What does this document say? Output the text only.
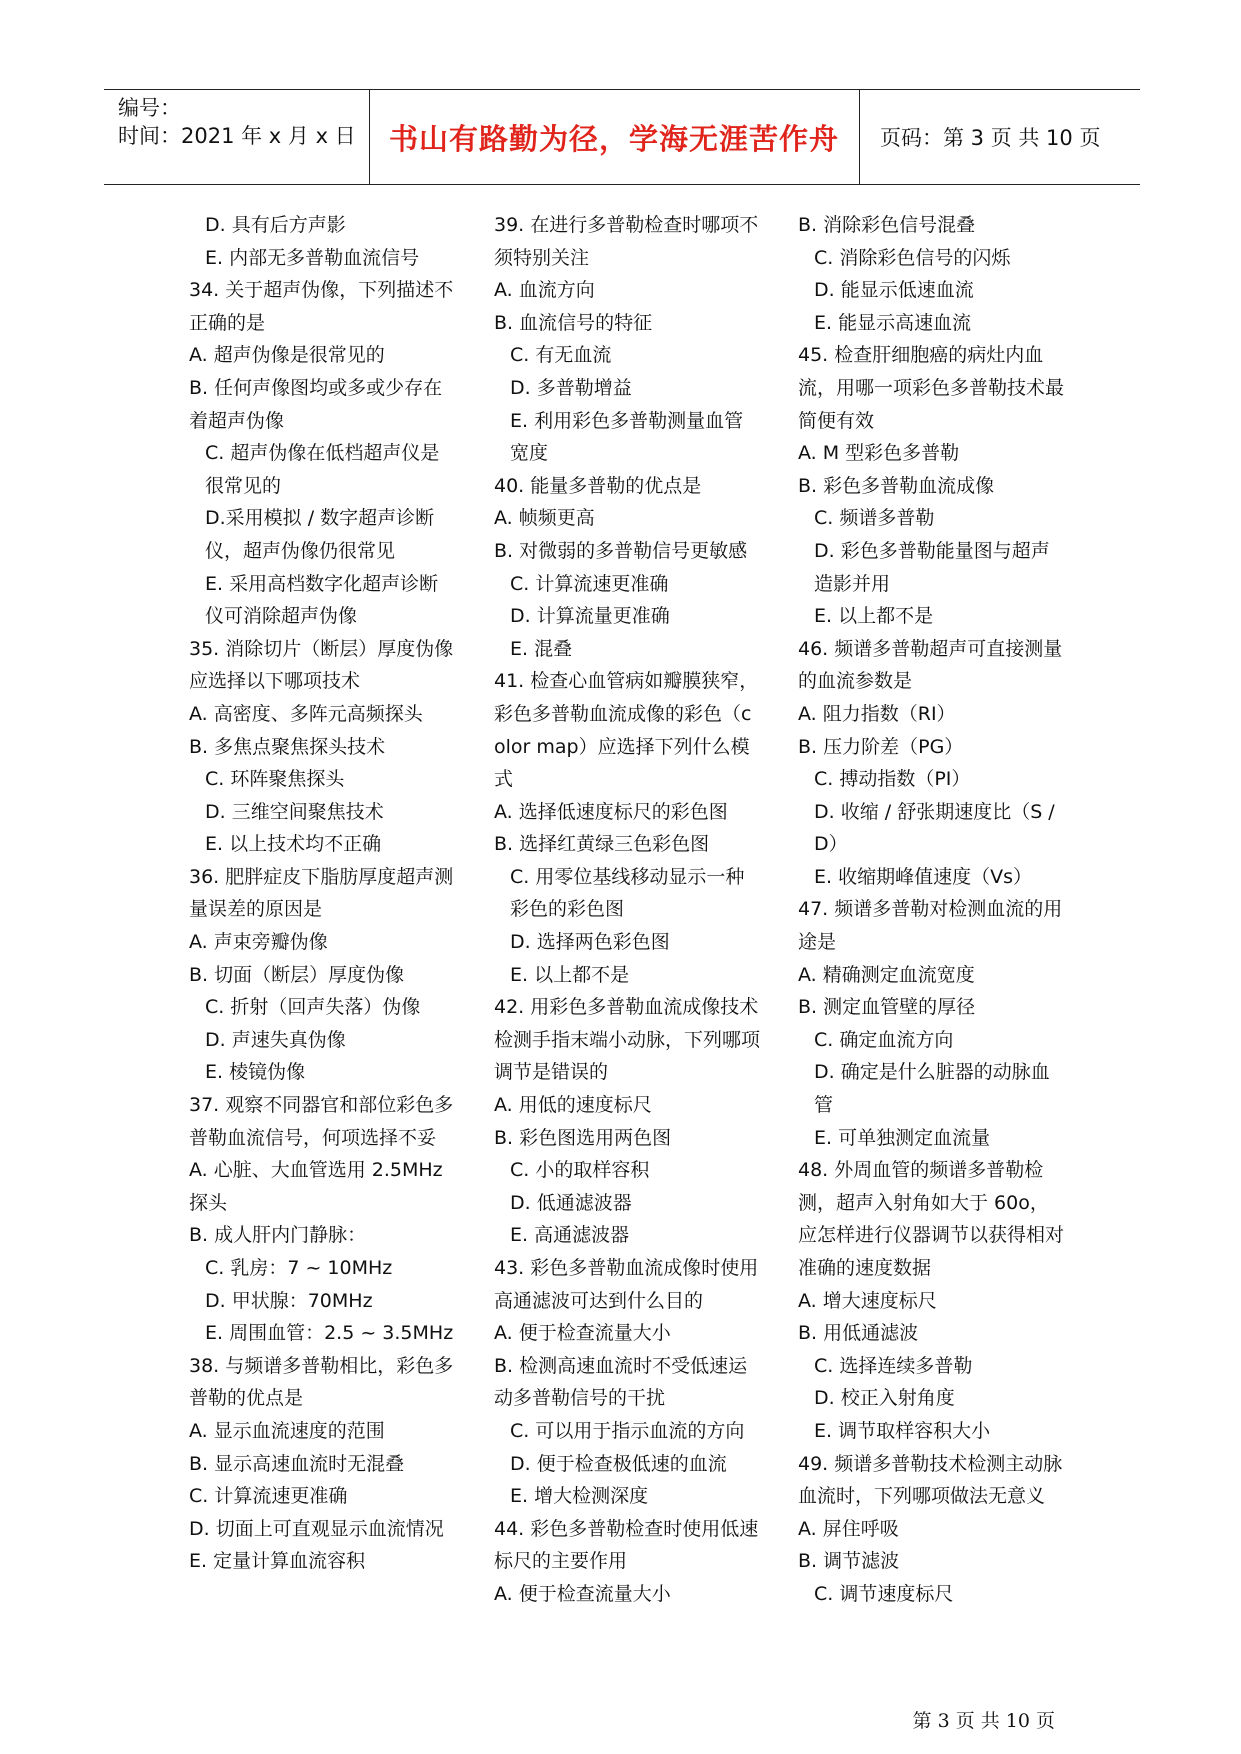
编号：
时间：2021 年 x 月 x 日	书山有路勤为径，学海无涯苦作舟	页码：第 3 页 共 10 页

D. 具有后方声影

E. 内部无多普勒血流信号

34. 关于超声伪像，下列描述不正确的是

A. 超声伪像是很常见的

B. 任何声像图均或多或少存在着超声伪像

C. 超声伪像在低档超声仪是很常见的

D.采用模拟 / 数字超声诊断仪，超声伪像仍很常见

E. 采用高档数字化超声诊断仪可消除超声伪像

35. 消除切片（断层）厚度伪像应选择以下哪项技术

A. 高密度、多阵元高频探头

B. 多焦点聚焦探头技术

C. 环阵聚焦探头

D. 三维空间聚焦技术

E. 以上技术均不正确

36. 肥胖症皮下脂肪厚度超声测量误差的原因是

A. 声束旁瓣伪像

B. 切面（断层）厚度伪像

C. 折射（回声失落）伪像

D. 声速失真伪像

E. 棱镜伪像

37. 观察不同器官和部位彩色多普勒血流信号，何项选择不妥

A. 心脏、大血管选用 2.5MHz 探头

B. 成人肝内门静脉：

C. 乳房：7 ~ 10MHz

D. 甲状腺：70MHz

E. 周围血管：2.5 ~ 3.5MHz

38. 与频谱多普勒相比，彩色多普勒的优点是

A. 显示血流速度的范围

B. 显示高速血流时无混叠

C. 计算流速更准确

D. 切面上可直观显示血流情况

E. 定量计算血流容积

39. 在进行多普勒检查时哪项不须特别关注

A. 血流方向

B. 血流信号的特征

C. 有无血流

D. 多普勒增益

E. 利用彩色多普勒测量血管宽度

40. 能量多普勒的优点是

A. 帧频更高

B. 对微弱的多普勒信号更敏感

C. 计算流速更准确

D. 计算流量更准确

E. 混叠

41. 检查心血管病如瓣膜狭窄，彩色多普勒血流成像的彩色（color map）应选择下列什么模式

A. 选择低速度标尺的彩色图

B. 选择红黄绿三色彩色图

C. 用零位基线移动显示一种彩色的彩色图

D. 选择两色彩色图

E. 以上都不是

42. 用彩色多普勒血流成像技术检测手指末端小动脉，下列哪项调节是错误的

A. 用低的速度标尺

B. 彩色图选用两色图

C. 小的取样容积

D. 低通滤波器

E. 高通滤波器

43. 彩色多普勒血流成像时使用高通滤波可达到什么目的

A. 便于检查流量大小

B. 检测高速血流时不受低速运动多普勒信号的干扰

C. 可以用于指示血流的方向

D. 便于检查极低速的血流

E. 增大检测深度

44. 彩色多普勒检查时使用低速标尺的主要作用

A. 便于检查流量大小

B. 消除彩色信号混叠

C. 消除彩色信号的闪烁

D. 能显示低速血流

E. 能显示高速血流

45. 检查肝细胞癌的病灶内血流，用哪一项彩色多普勒技术最简便有效

A. M 型彩色多普勒

B. 彩色多普勒血流成像

C. 频谱多普勒

D. 彩色多普勒能量图与超声造影并用

E. 以上都不是

46. 频谱多普勒超声可直接测量的血流参数是

A. 阻力指数（RI）

B. 压力阶差（PG）

C. 搏动指数（PI）

D. 收缩 / 舒张期速度比（S / D）

E. 收缩期峰值速度（Vs）

47. 频谱多普勒对检测血流的用途是

A. 精确测定血流宽度

B. 测定血管壁的厚径

C. 确定血流方向

D. 确定是什么脏器的动脉血管

E. 可单独测定血流量

48. 外周血管的频谱多普勒检测，超声入射角如大于 60o，应怎样进行仪器调节以获得相对准确的速度数据

A. 增大速度标尺

B. 用低通滤波

C. 选择连续多普勒

D. 校正入射角度

E. 调节取样容积大小

49. 频谱多普勒技术检测主动脉血流时，下列哪项做法无意义

A. 屏住呼吸

B. 调节滤波

C. 调节速度标尺

第 3 页 共 10 页
